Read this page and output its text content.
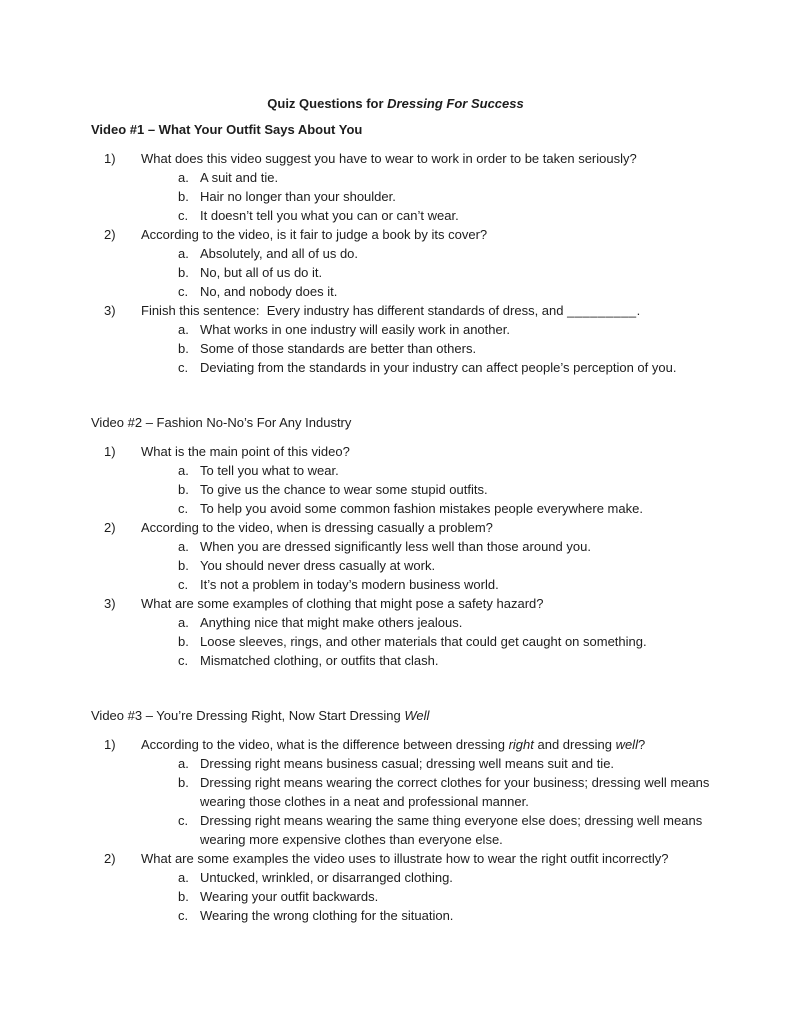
Quiz Questions for Dressing For Success
Video #1 – What Your Outfit Says About You
1)	What does this video suggest you have to wear to work in order to be taken seriously?
a. A suit and tie.
b. Hair no longer than your shoulder.
c. It doesn’t tell you what you can or can’t wear.
2)	According to the video, is it fair to judge a book by its cover?
a. Absolutely, and all of us do.
b. No, but all of us do it.
c. No, and nobody does it.
3)	Finish this sentence:  Every industry has different standards of dress, and _________.
a. What works in one industry will easily work in another.
b. Some of those standards are better than others.
c. Deviating from the standards in your industry can affect people’s perception of you.
Video #2 – Fashion No-No’s For Any Industry
1)	What is the main point of this video?
a. To tell you what to wear.
b. To give us the chance to wear some stupid outfits.
c. To help you avoid some common fashion mistakes people everywhere make.
2)	According to the video, when is dressing casually a problem?
a. When you are dressed significantly less well than those around you.
b. You should never dress casually at work.
c. It’s not a problem in today’s modern business world.
3)	What are some examples of clothing that might pose a safety hazard?
a. Anything nice that might make others jealous.
b. Loose sleeves, rings, and other materials that could get caught on something.
c. Mismatched clothing, or outfits that clash.
Video #3 – You’re Dressing Right, Now Start Dressing Well
1)	According to the video, what is the difference between dressing right and dressing well?
a. Dressing right means business casual; dressing well means suit and tie.
b. Dressing right means wearing the correct clothes for your business; dressing well means wearing those clothes in a neat and professional manner.
c. Dressing right means wearing the same thing everyone else does; dressing well means wearing more expensive clothes than everyone else.
2)	What are some examples the video uses to illustrate how to wear the right outfit incorrectly?
a. Untucked, wrinkled, or disarranged clothing.
b. Wearing your outfit backwards.
c. Wearing the wrong clothing for the situation.
